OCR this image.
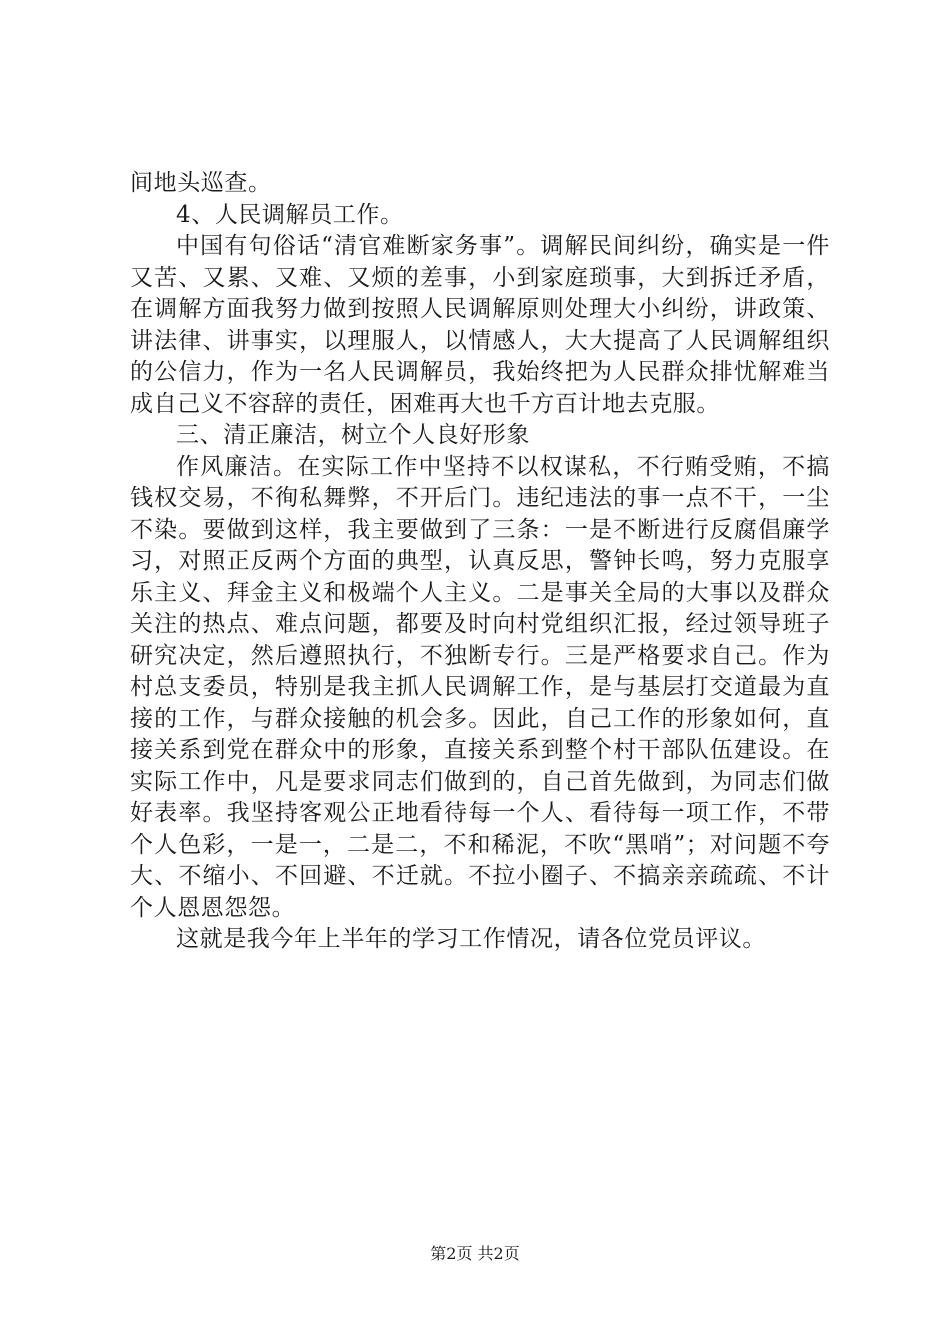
间地头巡查。

4、人民调解员工作。

中国有句俗话“清官难断家务事”。调解民间纠纷，确实是一件又苦、又累、又难、又烦的差事，小到家庭琐事，大到拆迁矛盾，在调解方面我努力做到按照人民调解原则处理大小纠纷，讲政策、讲法律、讲事实，以理服人，以情感人，大大提高了人民调解组织的公信力，作为一名人民调解员，我始终把为人民群众排忧解难当成自己义不容辞的责任，困难再大也千方百计地去克服。

三、清正廉洁，树立个人良好形象

作风廉洁。在实际工作中坚持不以权谋私，不行贿受贿，不搞钱权交易，不徇私舞弊，不开后门。违纪违法的事一点不干，一尘不染。要做到这样，我主要做到了三条：一是不断进行反腐倡廉学习，对照正反两个方面的典型，认真反思，警钟长鸣，努力克服享乐主义、拜金主义和极端个人主义。二是事关全局的大事以及群众关注的热点、难点问题，都要及时向村党组织汇报，经过领导班子研究决定，然后遵照执行，不独断专行。三是严格要求自己。作为村总支委员，特别是我主抓人民调解工作，是与基层打交道最为直接的工作，与群众接触的机会多。因此，自己工作的形象如何，直接关系到党在群众中的形象，直接关系到整个村干部队伍建设。在实际工作中，凡是要求同志们做到的，自己首先做到，为同志们做好表率。我坚持客观公正地看待每一个人、看待每一项工作，不带个人色彩，一是一，二是二，不和稀泥，不吹“黑哨”；对问题不夸大、不缩小、不回避、不迁就。不拉小圈子、不搞亲亲疏疏、不计个人恩恩怨怨。

这就是我今年上半年的学习工作情况，请各位党员评议。

第2页 共2页
